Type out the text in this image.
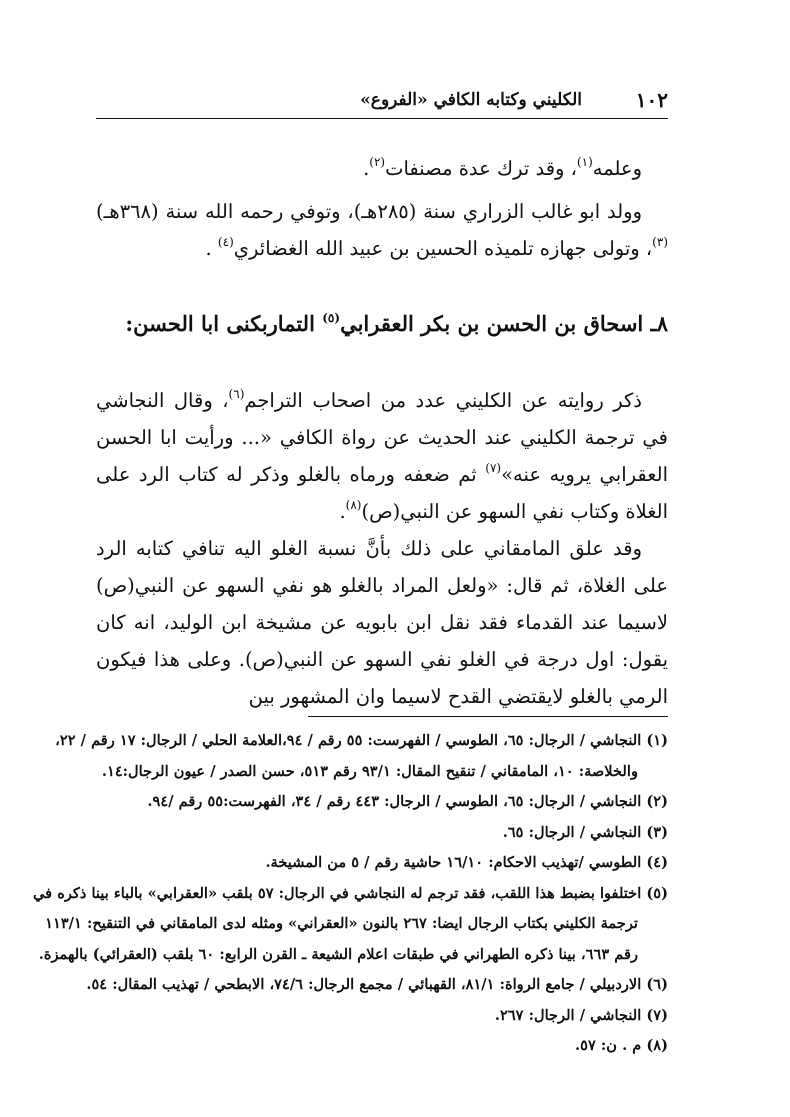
١٠٢
الكليني وكتابه الكافي «الفروع»

وعلمه$^{(١)}$، وقد ترك عدة مصنفات$^{(٢)}$.

وولد ابو غالب الزراري سنة (٢٨٥هـ)، وتوفي رحمه الله سنة (٣٦٨هـ)$^{(٣)}$، وتولى جهازه تلميذه الحسين بن عبيد الله الغضائري$^{(٤)}$ .

٨ـ اسحاق بن الحسن بن بكر العقرابي$^{(٥)}$ التماربكنى ابا الحسن:

ذكر روايته عن الكليني عدد من اصحاب التراجم$^{(٦)}$، وقال النجاشي في ترجمة الكليني عند الحديث عن رواة الكافي «... ورأيت ابا الحسن العقرابي يرويه عنه»$^{(٧)}$ ثم ضعفه ورماه بالغلو وذكر له كتاب الرد على الغلاة وكتاب نفي السهو عن النبي(ص)$^{(٨)}$.

وقد علق المامقاني على ذلك بأنَّ نسبة الغلو اليه تنافي كتابه الرد على الغلاة، ثم قال: «ولعل المراد بالغلو هو نفي السهو عن النبي(ص) لاسيما عند القدماء فقد نقل ابن بابويه عن مشيخة ابن الوليد، انه كان يقول: اول درجة في الغلو نفي السهو عن النبي(ص). وعلى هذا فيكون الرمي بالغلو لايقتضي القدح لاسيما وان المشهور بين

(١) النجاشي / الرجال: ٦٥، الطوسي / الفهرست: ٥٥ رقم / ٩٤،العلامة الحلي / الرجال: ١٧ رقم / ٢٢،

والخلاصة: ١٠، المامقاني / تنقيح المقال: ٩٣/١ رقم ٥١٣، حسن الصدر / عيون الرجال:١٤.

(٢) النجاشي / الرجال: ٦٥، الطوسي / الرجال: ٤٤٣ رقم / ٣٤، الفهرست:٥٥ رقم /٩٤.

(٣) النجاشي / الرجال: ٦٥.

(٤) الطوسي /تهذيب الاحكام: ١٦/١٠ حاشية رقم / ٥ من المشيخة.

(٥) اختلفوا بضبط هذا اللقب، فقد ترجم له النجاشي في الرجال: ٥٧ بلقب «العقرابي» بالباء بينا ذكره في

ترجمة الكليني بكتاب الرجال ايضا: ٢٦٧ بالنون «العقراني» ومثله لدى المامقاني في التنقيح: ١١٣/١

رقم ٦٦٣، بينا ذكره الطهراني في طبقات اعلام الشيعة ـ القرن الرابع: ٦٠ بلقب (العقرائي) بالهمزة.

(٦) الاردبيلي / جامع الرواة: ٨١/١، القهبائي / مجمع الرجال: ٧٤/٦، الابطحي / تهذيب المقال: ٥٤.

(٧) النجاشي / الرجال: ٢٦٧.

(٨) م . ن: ٥٧.
